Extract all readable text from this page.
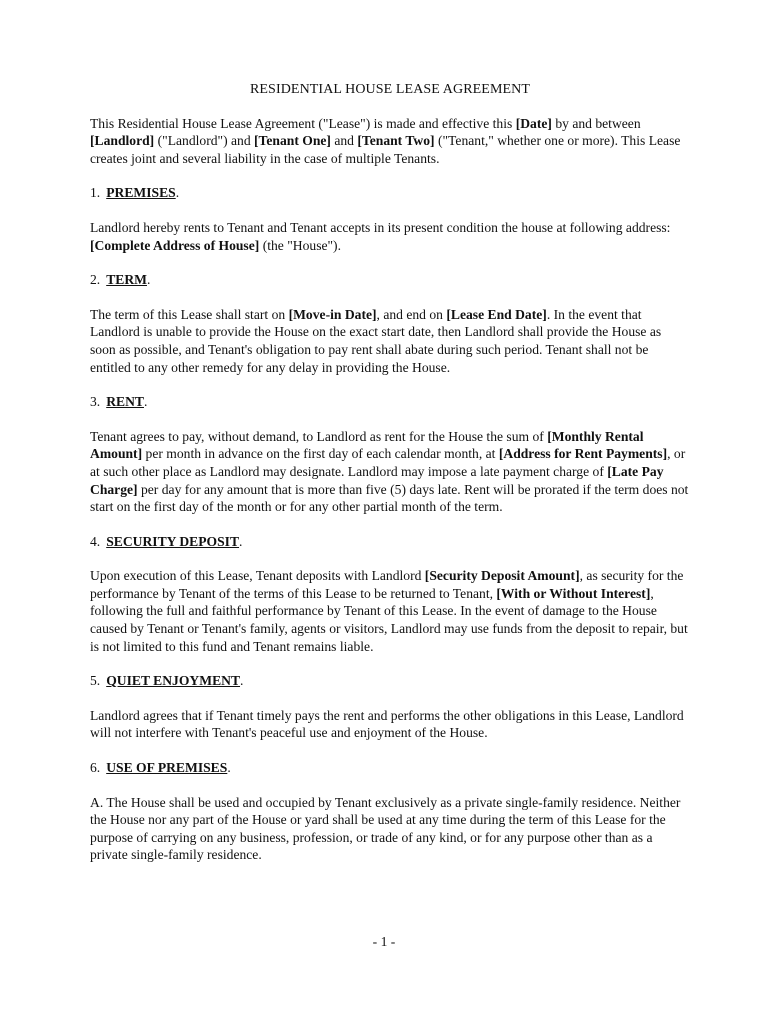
RESIDENTIAL HOUSE LEASE AGREEMENT

This Residential House Lease Agreement ("Lease") is made and effective this [Date] by and between [Landlord] ("Landlord") and [Tenant One] and [Tenant Two] ("Tenant," whether one or more). This Lease creates joint and several liability in the case of multiple Tenants.

1. PREMISES.

Landlord hereby rents to Tenant and Tenant accepts in its present condition the house at following address: [Complete Address of House] (the "House").

2. TERM.

The term of this Lease shall start on [Move-in Date], and end on [Lease End Date]. In the event that Landlord is unable to provide the House on the exact start date, then Landlord shall provide the House as soon as possible, and Tenant's obligation to pay rent shall abate during such period. Tenant shall not be entitled to any other remedy for any delay in providing the House.

3. RENT.

Tenant agrees to pay, without demand, to Landlord as rent for the House the sum of [Monthly Rental Amount] per month in advance on the first day of each calendar month, at [Address for Rent Payments], or at such other place as Landlord may designate. Landlord may impose a late payment charge of [Late Pay Charge] per day for any amount that is more than five (5) days late. Rent will be prorated if the term does not start on the first day of the month or for any other partial month of the term.

4. SECURITY DEPOSIT.

Upon execution of this Lease, Tenant deposits with Landlord [Security Deposit Amount], as security for the performance by Tenant of the terms of this Lease to be returned to Tenant, [With or Without Interest], following the full and faithful performance by Tenant of this Lease. In the event of damage to the House caused by Tenant or Tenant's family, agents or visitors, Landlord may use funds from the deposit to repair, but is not limited to this fund and Tenant remains liable.

5. QUIET ENJOYMENT.

Landlord agrees that if Tenant timely pays the rent and performs the other obligations in this Lease, Landlord will not interfere with Tenant's peaceful use and enjoyment of the House.

6. USE OF PREMISES.

A. The House shall be used and occupied by Tenant exclusively as a private single-family residence. Neither the House nor any part of the House or yard shall be used at any time during the term of this Lease for the purpose of carrying on any business, profession, or trade of any kind, or for any purpose other than as a private single-family residence.

- 1 -
